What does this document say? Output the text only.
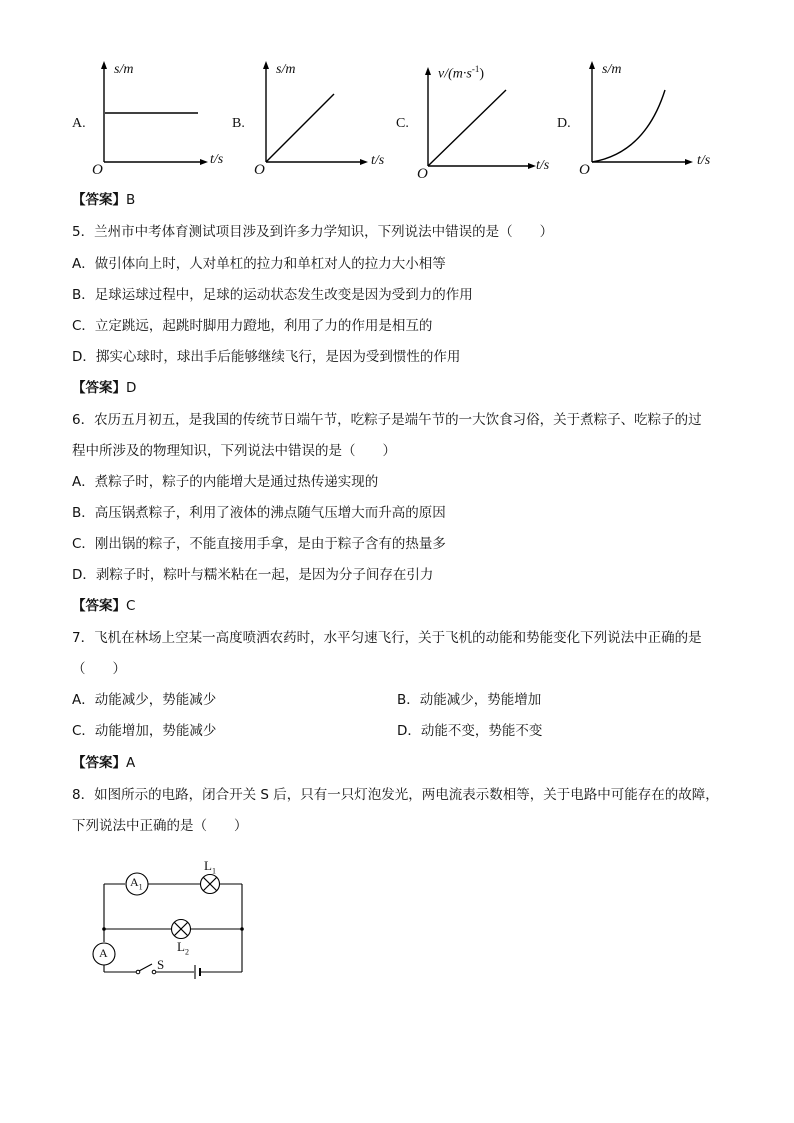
A.
s/m
t/s
O
B.
s/m
t/s
O
C.
$v/(m\cdot s^{-1})$
t/s
O
D.
s/m
t/s
O
【答案】B
5．兰州市中考体育测试项目涉及到许多力学知识，下列说法中错误的是（　　）
A．做引体向上时，人对单杠的拉力和单杠对人的拉力大小相等
B．足球运球过程中，足球的运动状态发生改变是因为受到力的作用
C．立定跳远，起跳时脚用力蹬地，利用了力的作用是相互的
D．掷实心球时，球出手后能够继续飞行，是因为受到惯性的作用
【答案】D
6．农历五月初五，是我国的传统节日端午节，吃粽子是端午节的一大饮食习俗，关于煮粽子、吃粽子的过
程中所涉及的物理知识，下列说法中错误的是（　　）
A．煮粽子时，粽子的内能增大是通过热传递实现的
B．高压锅煮粽子，利用了液体的沸点随气压增大而升高的原因
C．刚出锅的粽子，不能直接用手拿，是由于粽子含有的热量多
D．剥粽子时，粽叶与糯米粘在一起，是因为分子间存在引力
【答案】C
7．飞机在林场上空某一高度喷洒农药时，水平匀速飞行，关于飞机的动能和势能变化下列说法中正确的是
（　　）
A．动能减少，势能减少	B．动能减少，势能增加
C．动能增加，势能减少	D．动能不变，势能不变
【答案】A
8．如图所示的电路，闭合开关 S 后，只有一只灯泡发光，两电流表示数相等，关于电路中可能存在的故障，
下列说法中正确的是（　　）
$A_1$
A
$L_1$
$L_2$
S
